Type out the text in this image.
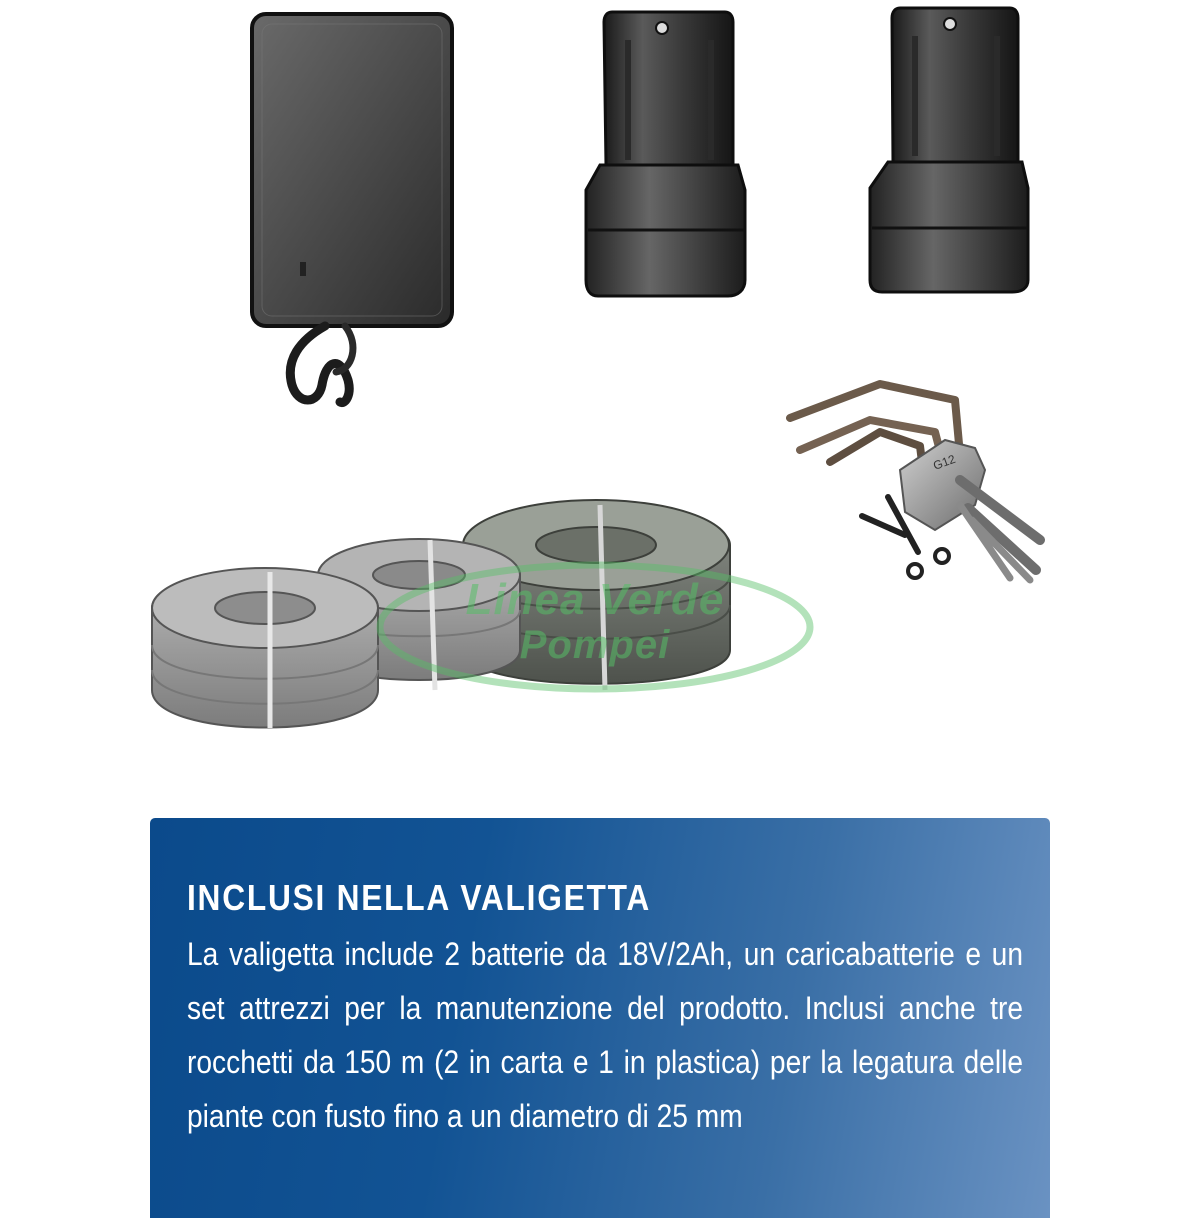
G12
Linea Verde
Pompei
INCLUSI NELLA VALIGETTA

La valigetta include 2 batterie da 18V/2Ah, un caricabatterie e un set attrezzi per la manutenzione del prodotto. Inclusi anche tre rocchetti da 150 m (2 in carta e 1 in plastica) per la legatura delle piante con fusto fino a un diametro di 25 mm
